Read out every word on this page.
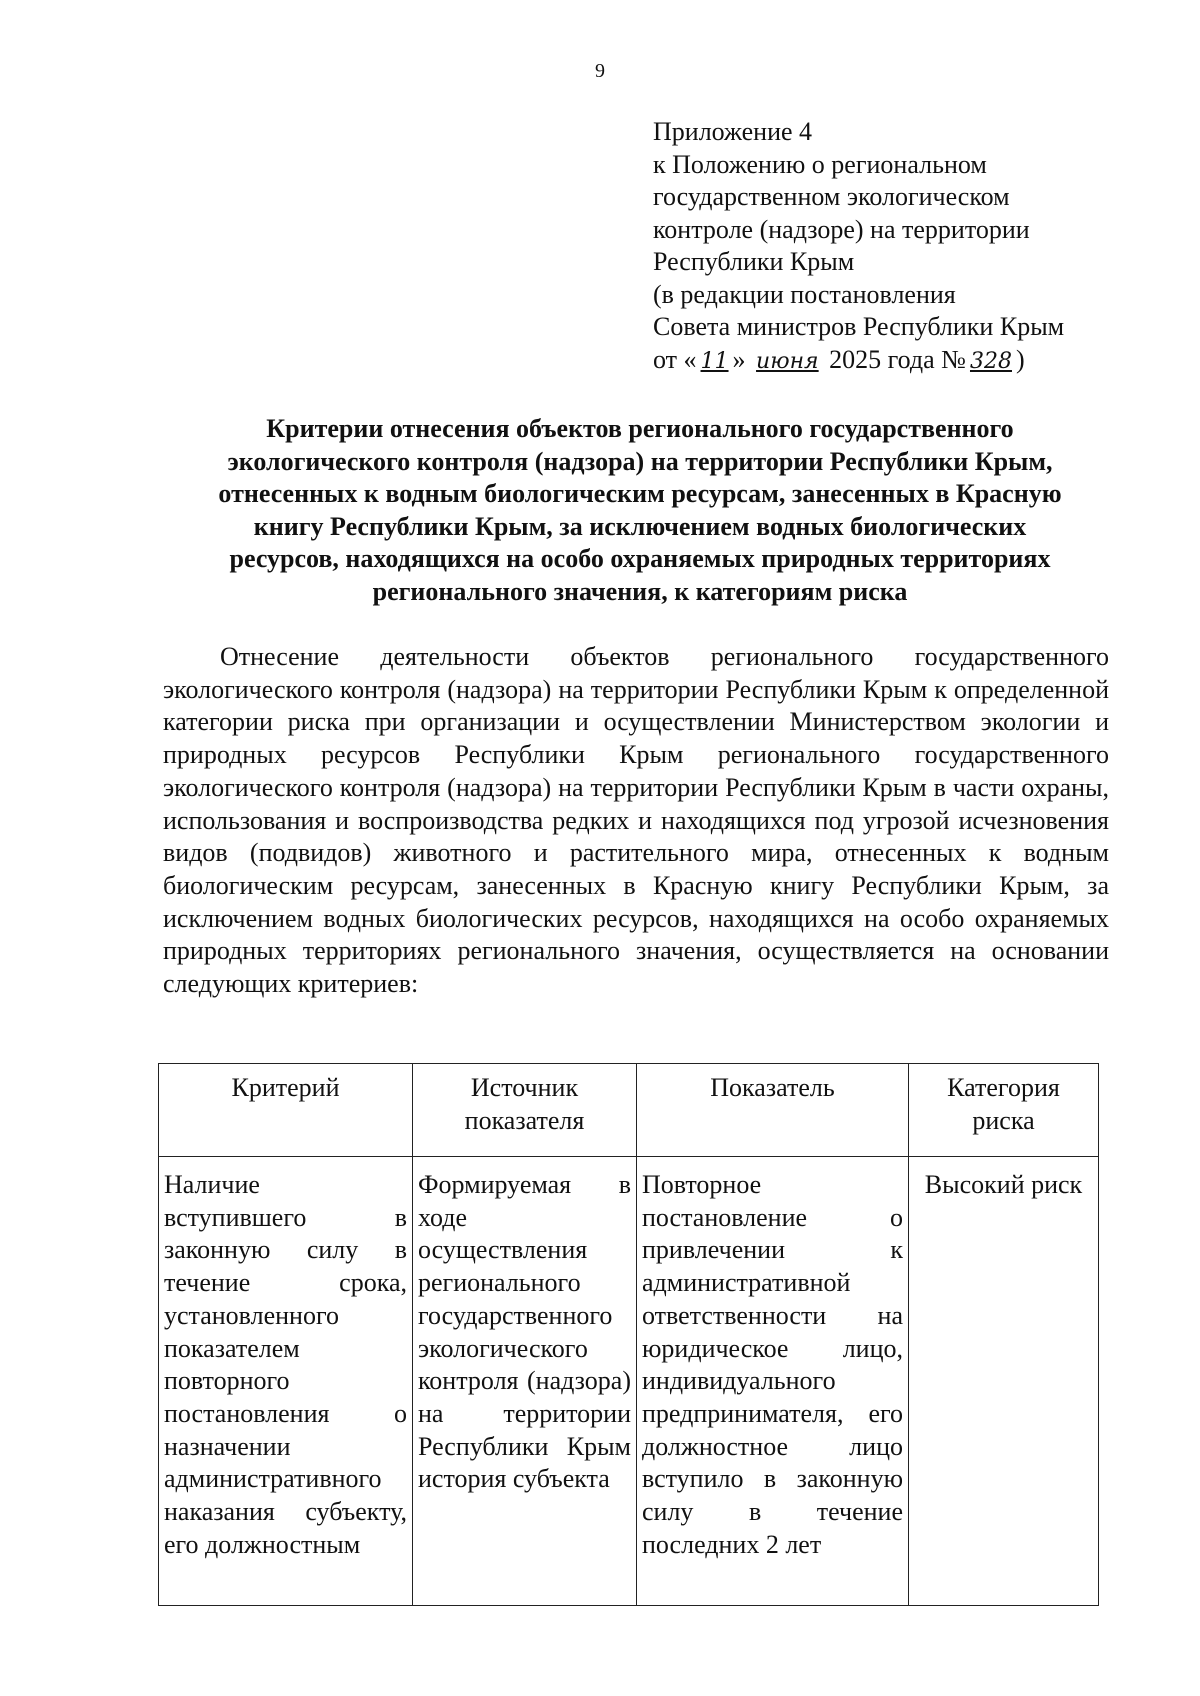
9
Приложение 4
к Положению о региональном
государственном экологическом
контроле (надзоре) на территории
Республики Крым
(в редакции постановления
Совета министров Республики Крым
от « 11 » июня 2025 года № 328 )
Критерии отнесения объектов регионального государственного
экологического контроля (надзора) на территории Республики Крым,
отнесенных к водным биологическим ресурсам, занесенных в Красную
книгу Республики Крым, за исключением водных биологических
ресурсов, находящихся на особо охраняемых природных территориях
регионального значения, к категориям риска

Отнесение деятельности объектов регионального государственного экологического контроля (надзора) на территории Республики Крым к определенной категории риска при организации и осуществлении Министерством экологии и природных ресурсов Республики Крым регионального государственного экологического контроля (надзора) на территории Республики Крым в части охраны, использования и воспроизводства редких и находящихся под угрозой исчезновения видов (подвидов) животного и растительного мира, отнесенных к водным биологическим ресурсам, занесенных в Красную книгу Республики Крым, за исключением водных биологических ресурсов, находящихся на особо охраняемых природных территориях регионального значения, осуществляется на основании следующих критериев:

Критерий	Источник показателя	Показатель	Категория риска
Наличие вступившего в законную силу в течение срока, установленного показателем повторного постановления о назначении административного наказания субъекту, его должностным	Формируемая в ходе осуществления регионального государственного экологического контроля (надзора) на территории Республики Крым история субъекта	Повторное постановление о привлечении к административной ответственности на юридическое лицо, индивидуального предпринимателя, его должностное лицо вступило в законную силу в течение последних 2 лет	Высокий риск
